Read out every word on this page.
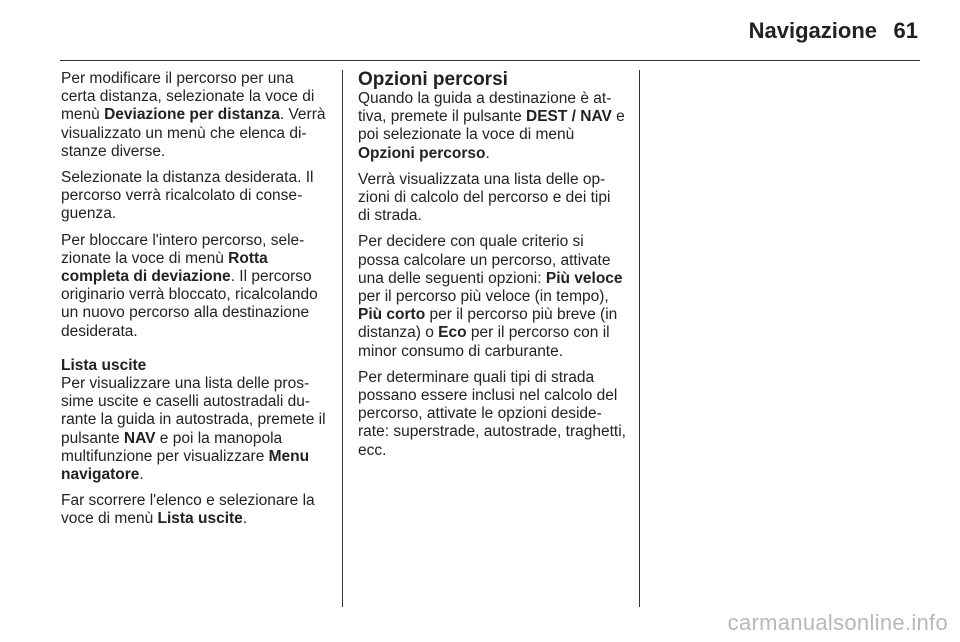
Navigazione 61

Per modificare il percorso per una certa distanza, selezionate la voce di menù Deviazione per distanza. Verrà visualizzato un menù che elenca distanze diverse.

Selezionate la distanza desiderata. Il percorso verrà ricalcolato di conseguenza.

Per bloccare l'intero percorso, selezionate la voce di menù Rotta completa di deviazione. Il percorso originario verrà bloccato, ricalcolando un nuovo percorso alla destinazione desiderata.

Lista uscite

Per visualizzare una lista delle prossime uscite e caselli autostradali durante la guida in autostrada, premete il pulsante NAV e poi la manopola multifunzione per visualizzare Menu navigatore.

Far scorrere l'elenco e selezionare la voce di menù Lista uscite.

Opzioni percorsi

Quando la guida a destinazione è attiva, premete il pulsante DEST / NAV e poi selezionate la voce di menù Opzioni percorso.

Verrà visualizzata una lista delle opzioni di calcolo del percorso e dei tipi di strada.

Per decidere con quale criterio si possa calcolare un percorso, attivate una delle seguenti opzioni: Più veloce per il percorso più veloce (in tempo), Più corto per il percorso più breve (in distanza) o Eco per il percorso con il minor consumo di carburante.

Per determinare quali tipi di strada possano essere inclusi nel calcolo del percorso, attivate le opzioni desiderate: superstrade, autostrade, traghetti, ecc.

carmanualsonline.info
